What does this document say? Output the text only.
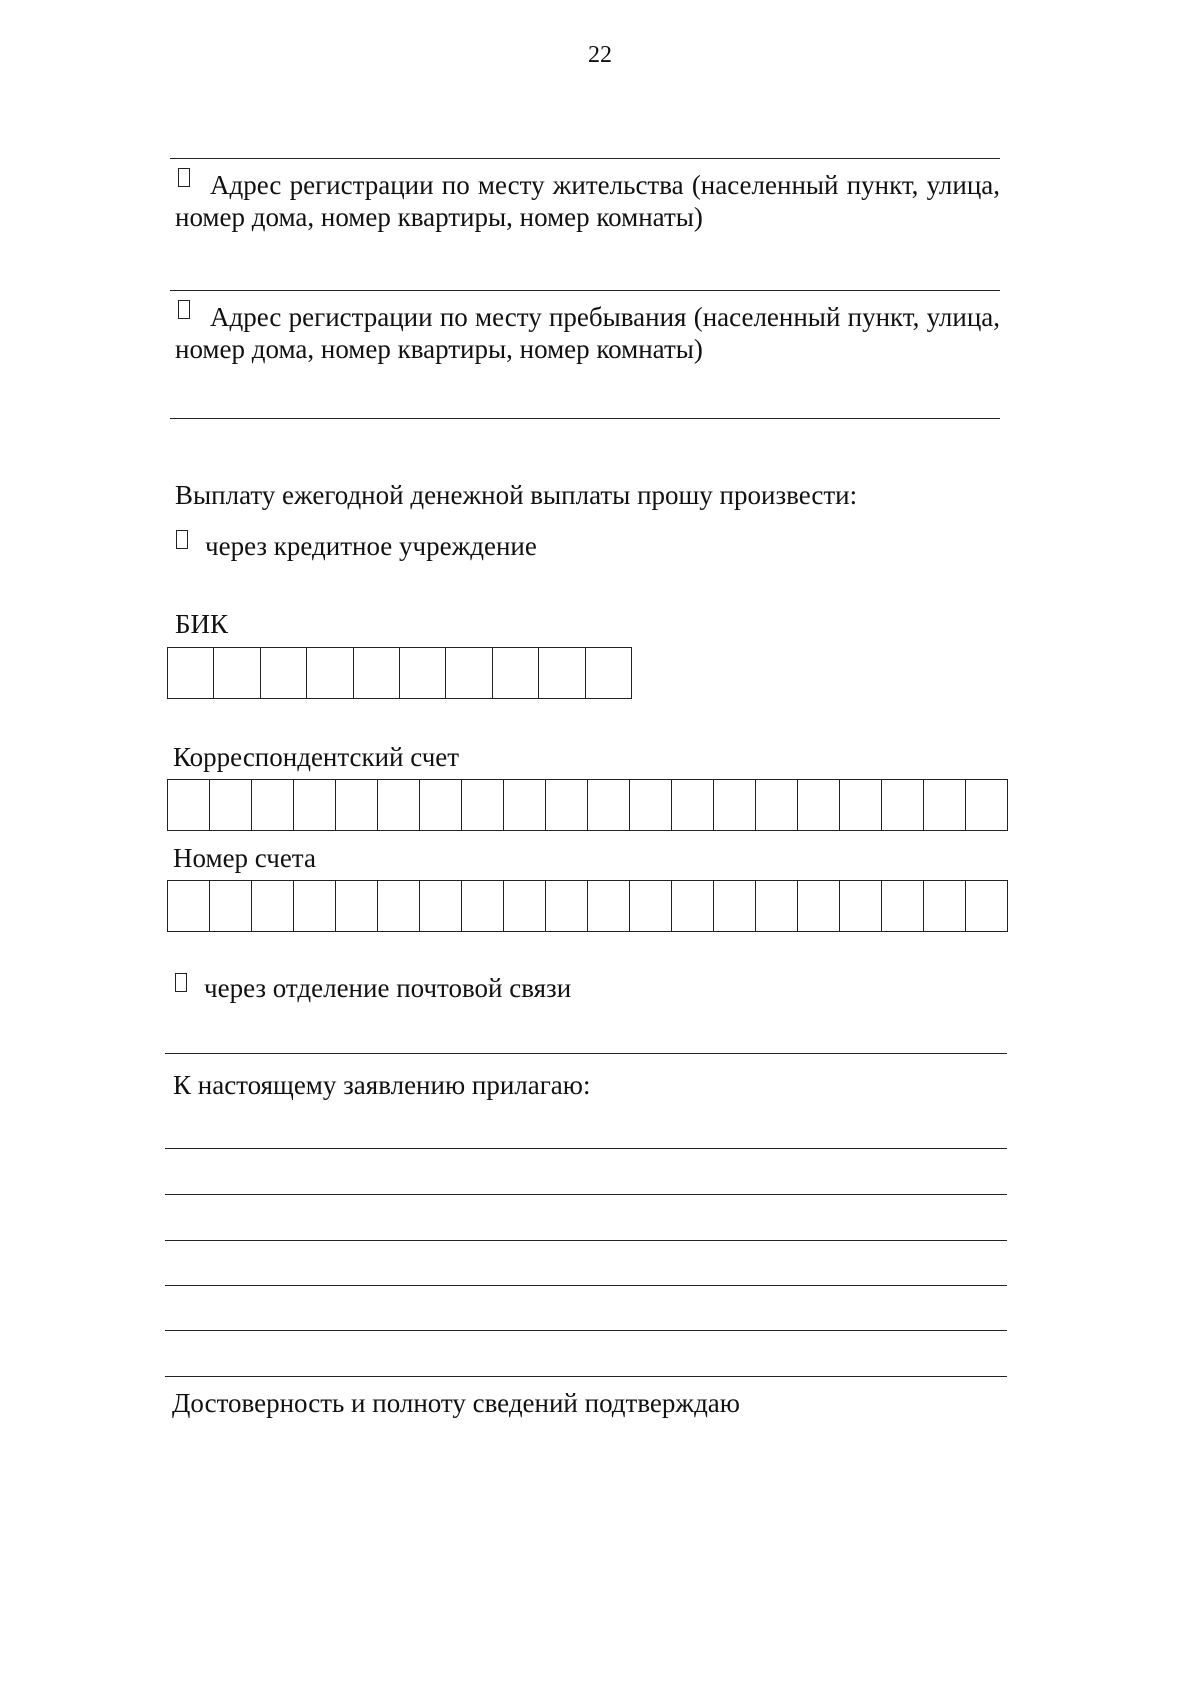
22
Адрес регистрации по месту жительства (населенный пункт, улица,
номер дома, номер квартиры, номер комнаты)
Адрес регистрации по месту пребывания (населенный пункт, улица,
номер дома, номер квартиры, номер комнаты)
Выплату ежегодной денежной выплаты прошу произвести:
через кредитное учреждение
БИК
Корреспондентский счет
Номер счета
через отделение почтовой связи
К настоящему заявлению прилагаю:
Достоверность и полноту сведений подтверждаю
